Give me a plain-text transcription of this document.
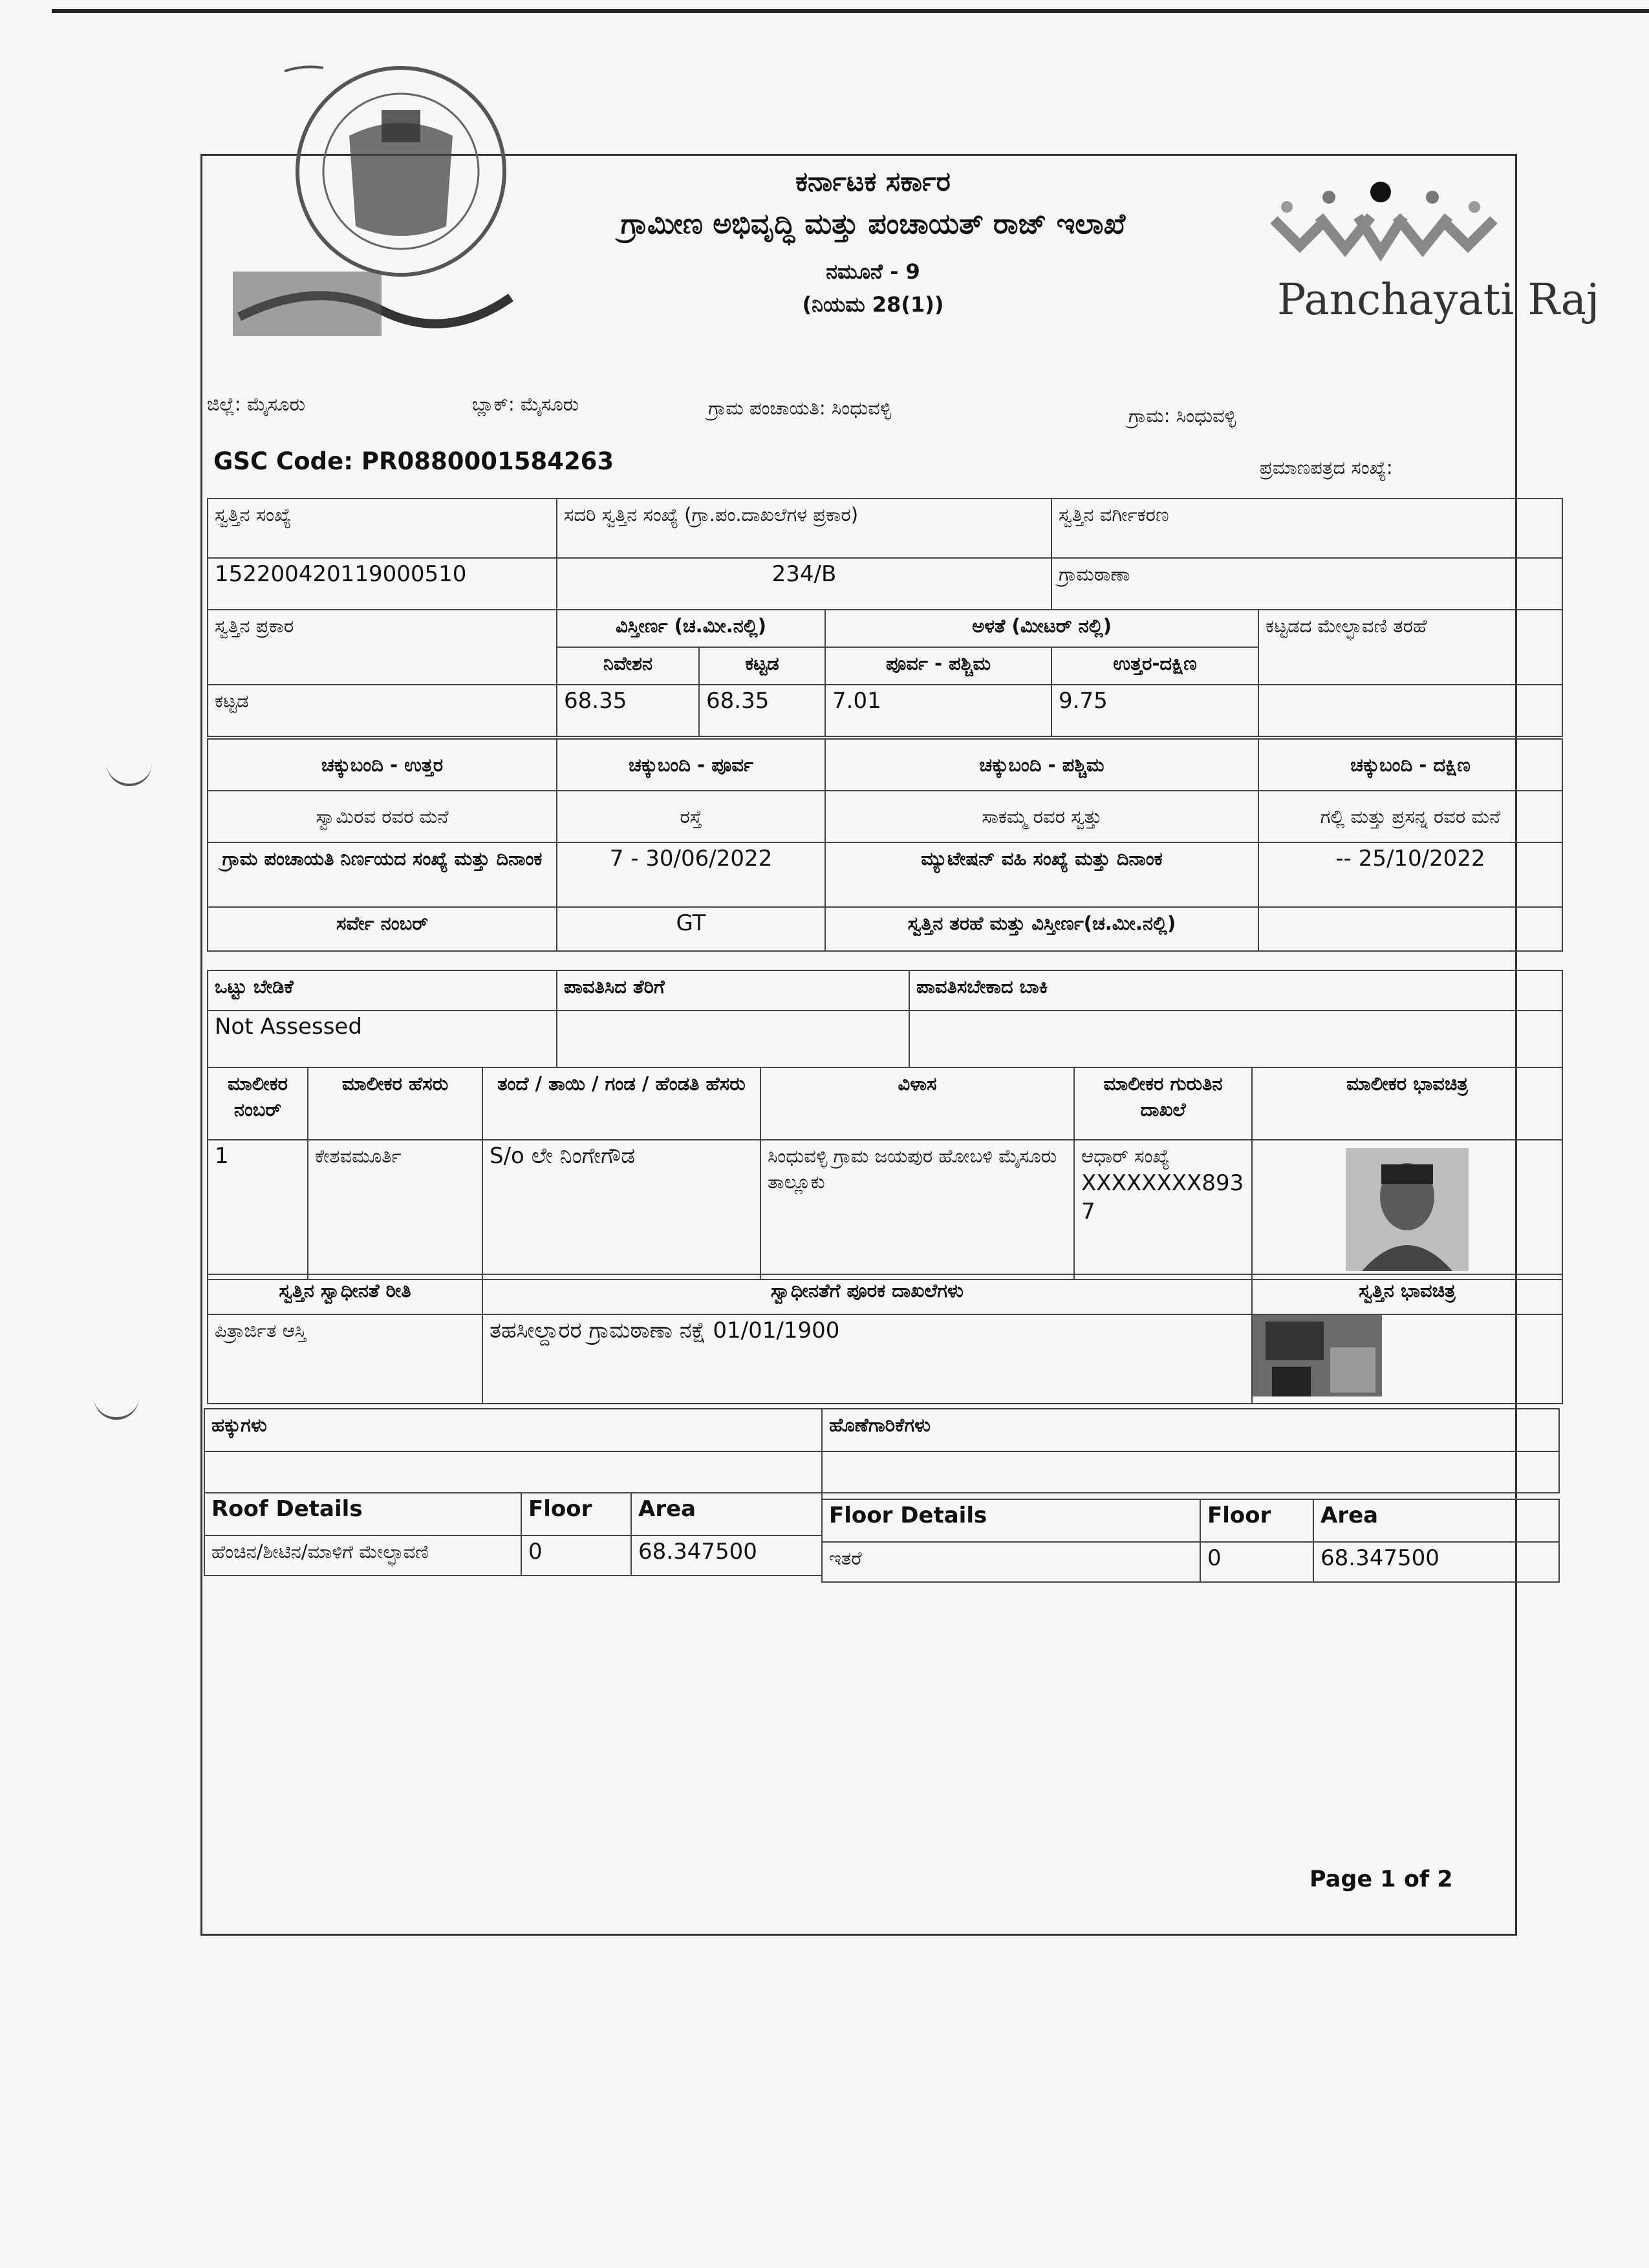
ಕರ್ನಾಟಕ ಸರ್ಕಾರ
ಗ್ರಾಮೀಣ ಅಭಿವೃದ್ಧಿ ಮತ್ತು ಪಂಚಾಯತ್ ರಾಜ್ ಇಲಾಖೆ
ನಮೂನೆ - 9
(ನಿಯಮ 28(1))	Panchayati Raj
ಜಿಲ್ಲೆ: ಮೈಸೂರು	ಬ್ಲಾಕ್: ಮೈಸೂರು	ಗ್ರಾಮ ಪಂಚಾಯತಿ: ಸಿಂಧುವಳ್ಳಿ	ಗ್ರಾಮ: ಸಿಂಧುವಳ್ಳಿ
GSC Code: PR0880001584263	ಪ್ರಮಾಣಪತ್ರದ ಸಂಖ್ಯೆ:
ಸ್ವತ್ತಿನ ಸಂಖ್ಯೆ	ಸದರಿ ಸ್ವತ್ತಿನ ಸಂಖ್ಯೆ (ಗ್ರಾ.ಪಂ.ದಾಖಲೆಗಳ ಪ್ರಕಾರ)	ಸ್ವತ್ತಿನ ವರ್ಗೀಕರಣ
152200420119000510	234/B	ಗ್ರಾಮಠಾಣಾ
ಸ್ವತ್ತಿನ ಪ್ರಕಾರ	ವಿಸ್ತೀರ್ಣ (ಚ.ಮೀ.ನಲ್ಲಿ)		ಅಳತೆ (ಮೀಟರ್ ನಲ್ಲಿ)		ಕಟ್ಟಡದ ಮೇಲ್ಛಾವಣಿ ತರಹೆ
	ನಿವೇಶನ	ಕಟ್ಟಡ	ಪೂರ್ವ - ಪಶ್ಚಿಮ	ಉತ್ತರ-ದಕ್ಷಿಣ	
ಕಟ್ಟಡ	68.35	68.35	7.01	9.75	
ಚಕ್ಕುಬಂದಿ - ಉತ್ತರ	ಚಕ್ಕುಬಂದಿ - ಪೂರ್ವ	ಚಕ್ಕುಬಂದಿ - ಪಶ್ಚಿಮ	ಚಕ್ಕುಬಂದಿ - ದಕ್ಷಿಣ
ಸ್ವಾಮಿರವ ರವರ ಮನೆ	ರಸ್ತೆ	ಸಾಕಮ್ಮ ರವರ ಸ್ವತ್ತು	ಗಲ್ಲಿ ಮತ್ತು ಪ್ರಸನ್ನ ರವರ ಮನೆ
ಗ್ರಾಮ ಪಂಚಾಯತಿ ನಿರ್ಣಯದ ಸಂಖ್ಯೆ ಮತ್ತು ದಿನಾಂಕ	7 - 30/06/2022	ಮ್ಯುಟೇಷನ್ ವಹಿ ಸಂಖ್ಯೆ ಮತ್ತು ದಿನಾಂಕ	-- 25/10/2022
ಸರ್ವೇ ನಂಬರ್	GT	ಸ್ವತ್ತಿನ ತರಹೆ ಮತ್ತು ವಿಸ್ತೀರ್ಣ(ಚ.ಮೀ.ನಲ್ಲಿ)	
ಒಟ್ಟು ಬೇಡಿಕೆ	ಪಾವತಿಸಿದ ತೆರಿಗೆ	ಪಾವತಿಸಬೇಕಾದ ಬಾಕಿ
Not Assessed		
ಮಾಲೀಕರ ನಂಬರ್	ಮಾಲೀಕರ ಹೆಸರು	ತಂದೆ / ತಾಯಿ / ಗಂಡ / ಹೆಂಡತಿ ಹೆಸರು	ವಿಳಾಸ	ಮಾಲೀಕರ ಗುರುತಿನ ದಾಖಲೆ	ಮಾಲೀಕರ ಭಾವಚಿತ್ರ
1	ಕೇಶವಮೂರ್ತಿ	S/o ಲೇ ನಿಂಗೇಗೌಡ	ಸಿಂಧುವಳ್ಳಿ ಗ್ರಾಮ ಜಯಪುರ ಹೋಬಳಿ ಮೈಸೂರು ತಾಲ್ಲೂಕು	ಆಧಾರ್ ಸಂಖ್ಯೆ
XXXXXXXX8937

ಸ್ವತ್ತಿನ ಸ್ವಾಧೀನತೆ ರೀತಿ	ಸ್ವಾಧೀನತೆಗೆ ಪೂರಕ ದಾಖಲೆಗಳು	ಸ್ವತ್ತಿನ ಭಾವಚಿತ್ರ
ಪಿತ್ರಾರ್ಜಿತ ಆಸ್ತಿ	ತಹಸೀಲ್ದಾರರ ಗ್ರಾಮಠಾಣಾ ನಕ್ಷೆ 01/01/1900	
ಹಕ್ಕುಗಳು	ಹೊಣೆಗಾರಿಕೆಗಳು

Roof Details	Floor	Area
ಹೆಂಚಿನ/ಶೀಟಿನ/ಮಾಳಿಗೆ ಮೇಲ್ಛಾವಣಿ	0	68.347500
Floor Details	Floor	Area
ಇತರೆ	0	68.347500
Page 1 of 2
